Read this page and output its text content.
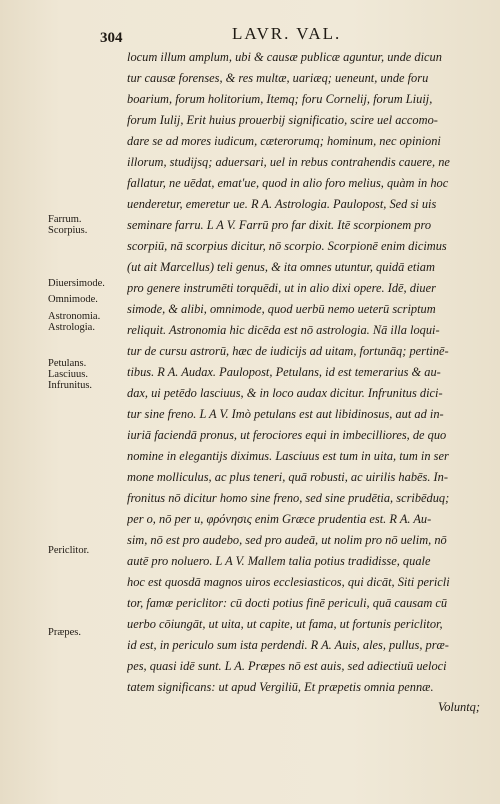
304	LAVR. VAL.
Farrum.
Scorpius.
Diuersimode.
Omnimode.
Astronomia.
Astrologia.
Petulans.
Lasciuus.
Infrunitus.
Periclitor.
Præpes.
locum illum amplum, ubi & causæ publicæ aguntur, unde dicun
tur causæ forenses, & res multæ, uariæq; ueneunt, unde foru
boarium, forum holitorium, Itemq; foru Cornelij, forum Liuij,
forum Iulij, Erit huius prouerbij significatio, scire uel accomo-
dare se ad mores iudicum, cæterorumq; hominum, nec opinioni
illorum, studijsq; aduersari, uel in rebus contrahendis cauere, ne
fallatur, ne uēdat, emat'ue, quod in alio foro melius, quàm in hoc
uenderetur, emeretur ue. R A. Astrologia. Paulopost, Sed si uis
seminare farru. L A V. Farrū pro far dixit. Itē scorpionem pro
scorpiū, nā scorpius dicitur, nō scorpio. Scorpionē enim dicimus
(ut ait Marcellus) teli genus, & ita omnes utuntur, quidā etiam
pro genere instrumēti torquēdi, ut in alio dixi opere. Idē, diuer
simode, & alibi, omnimode, quod uerbū nemo ueterū scriptum
reliquit. Astronomia hic dicēda est nō astrologia. Nā illa loqui-
tur de cursu astrorū, hæc de iudicijs ad uitam, fortunāq; pertinē-
tibus. R A. Audax. Paulopost, Petulans, id est temerarius & au-
dax, ui petēdo lasciuus, & in loco audax dicitur. Infrunitus dici-
tur sine freno. L A V. Imò petulans est aut libidinosus, aut ad in-
iuriā faciendā pronus, ut ferociores equi in imbecilliores, de quo
nomine in elegantijs diximus. Lasciuus est tum in uita, tum in ser
mone molliculus, ac plus teneri, quā robusti, ac uirilis habēs. In-
fronitus nō dicitur homo sine freno, sed sine prudētia, scribēduq;
per o, nō per u, φρόνησις enim Græce prudentia est. R A. Au-
sim, nō est pro audebo, sed pro audeā, ut nolim pro nō uelim, nō
autē pro noluero. L A V. Mallem talia potius tradidisse, quale
hoc est quosdā magnos uiros ecclesiasticos, qui dicāt, Siti pericli
tor, famæ periclitor: cū docti potius finē periculi, quā causam cū
uerbo cōiungāt, ut uita, ut capite, ut fama, ut fortunis periclitor,
id est, in periculo sum ista perdendi. R A. Auis, ales, pullus, præ-
pes, quasi idē sunt. L A. Præpes nō est auis, sed adiectiuū ueloci
tatem significans: ut apud Vergiliū, Et præpetis omnia pennæ.
Voluntq;
